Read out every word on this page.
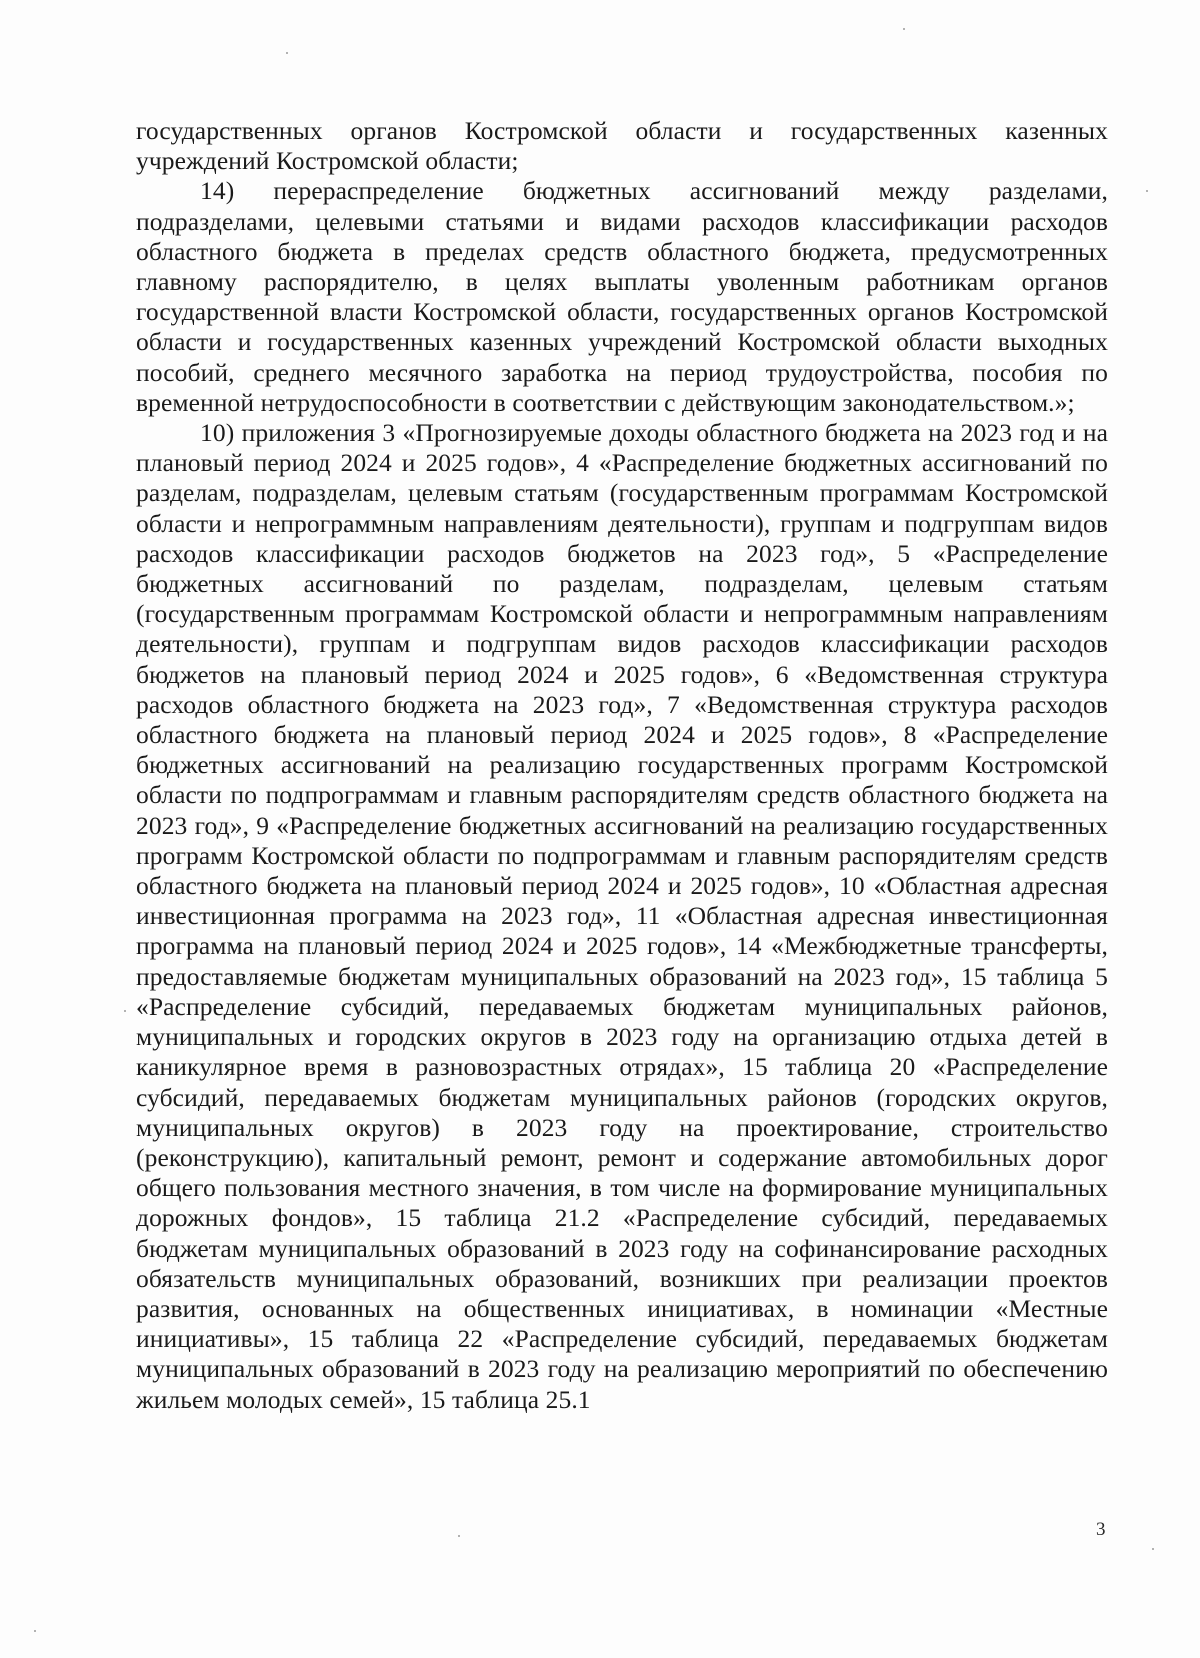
государственных органов Костромской области и государственных казенных учреждений Костромской области;

14) перераспределение бюджетных ассигнований между разделами, подразделами, целевыми статьями и видами расходов классификации расходов областного бюджета в пределах средств областного бюджета, предусмотренных главному распорядителю, в целях выплаты уволенным работникам органов государственной власти Костромской области, государственных органов Костромской области и государственных казенных учреждений Костромской области выходных пособий, среднего месячного заработка на период трудоустройства, пособия по временной нетрудоспособности в соответствии с действующим законодательством.»;

10) приложения 3 «Прогнозируемые доходы областного бюджета на 2023 год и на плановый период 2024 и 2025 годов», 4 «Распределение бюджетных ассигнований по разделам, подразделам, целевым статьям (государственным программам Костромской области и непрограммным направлениям деятельности), группам и подгруппам видов расходов классификации расходов бюджетов на 2023 год», 5 «Распределение бюджетных ассигнований по разделам, подразделам, целевым статьям (государственным программам Костромской области и непрограммным направлениям деятельности), группам и подгруппам видов расходов классификации расходов бюджетов на плановый период 2024 и 2025 годов», 6 «Ведомственная структура расходов областного бюджета на 2023 год», 7 «Ведомственная структура расходов областного бюджета на плановый период 2024 и 2025 годов», 8 «Распределение бюджетных ассигнований на реализацию государственных программ Костромской области по подпрограммам и главным распорядителям средств областного бюджета на 2023 год», 9 «Распределение бюджетных ассигнований на реализацию государственных программ Костромской области по подпрограммам и главным распорядителям средств областного бюджета на плановый период 2024 и 2025 годов», 10 «Областная адресная инвестиционная программа на 2023 год», 11 «Областная адресная инвестиционная программа на плановый период 2024 и 2025 годов», 14 «Межбюджетные трансферты, предоставляемые бюджетам муниципальных образований на 2023 год», 15 таблица 5 «Распределение субсидий, передаваемых бюджетам муниципальных районов, муниципальных и городских округов в 2023 году на организацию отдыха детей в каникулярное время в разновозрастных отрядах», 15 таблица 20 «Распределение субсидий, передаваемых бюджетам муниципальных районов (городских округов, муниципальных округов) в 2023 году на проектирование, строительство (реконструкцию), капитальный ремонт, ремонт и содержание автомобильных дорог общего пользования местного значения, в том числе на формирование муниципальных дорожных фондов», 15 таблица 21.2 «Распределение субсидий, передаваемых бюджетам муниципальных образований в 2023 году на софинансирование расходных обязательств муниципальных образований, возникших при реализации проектов развития, основанных на общественных инициативах, в номинации «Местные инициативы», 15 таблица 22 «Распределение субсидий, передаваемых бюджетам муниципальных образований в 2023 году на реализацию мероприятий по обеспечению жильем молодых семей», 15 таблица 25.1

3
